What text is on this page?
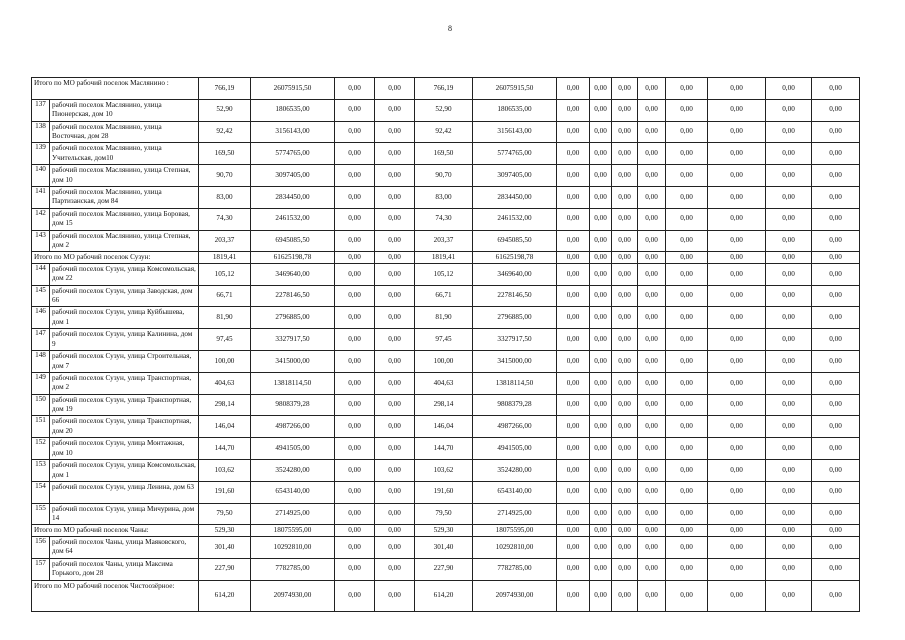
8
Итого по МО рабочий поселок Маслянино :		766,19	26075915,50	0,00	0,00	766,19	26075915,50	0,00	0,00	0,00	0,00	0,00	0,00	0,00	0,00
137	рабочий поселок Маслянино, улица Пионерская, дом 10	52,90	1806535,00	0,00	0,00	52,90	1806535,00	0,00	0,00	0,00	0,00	0,00	0,00	0,00	0,00
138	рабочий поселок Маслянино, улица Восточная, дом 28	92,42	3156143,00	0,00	0,00	92,42	3156143,00	0,00	0,00	0,00	0,00	0,00	0,00	0,00	0,00
139	рабочий поселок Маслянино, улица Учительская, дом10	169,50	5774765,00	0,00	0,00	169,50	5774765,00	0,00	0,00	0,00	0,00	0,00	0,00	0,00	0,00
140	рабочий поселок Маслянино, улица Степная, дом 10	90,70	3097405,00	0,00	0,00	90,70	3097405,00	0,00	0,00	0,00	0,00	0,00	0,00	0,00	0,00
141	рабочий поселок Маслянино, улица Партизанская, дом 84	83,00	2834450,00	0,00	0,00	83,00	2834450,00	0,00	0,00	0,00	0,00	0,00	0,00	0,00	0,00
142	рабочий поселок Маслянино, улица Боровая, дом 15	74,30	2461532,00	0,00	0,00	74,30	2461532,00	0,00	0,00	0,00	0,00	0,00	0,00	0,00	0,00
143	рабочий поселок Маслянино, улица Степная, дом 2	203,37	6945085,50	0,00	0,00	203,37	6945085,50	0,00	0,00	0,00	0,00	0,00	0,00	0,00	0,00
Итого по МО рабочий поселок Сузун:		1819,41	61625198,78	0,00	0,00	1819,41	61625198,78	0,00	0,00	0,00	0,00	0,00	0,00	0,00	0,00
144	рабочий поселок Сузун, улица Комсомольская, дом 22	105,12	3469640,00	0,00	0,00	105,12	3469640,00	0,00	0,00	0,00	0,00	0,00	0,00	0,00	0,00
145	рабочий поселок Сузун, улица Заводская, дом 66	66,71	2278146,50	0,00	0,00	66,71	2278146,50	0,00	0,00	0,00	0,00	0,00	0,00	0,00	0,00
146	рабочий поселок Сузун, улица Куйбышева, дом 1	81,90	2796885,00	0,00	0,00	81,90	2796885,00	0,00	0,00	0,00	0,00	0,00	0,00	0,00	0,00
147	рабочий поселок Сузун, улица Калинина, дом 9	97,45	3327917,50	0,00	0,00	97,45	3327917,50	0,00	0,00	0,00	0,00	0,00	0,00	0,00	0,00
148	рабочий поселок Сузун, улица Строительная, дом 7	100,00	3415000,00	0,00	0,00	100,00	3415000,00	0,00	0,00	0,00	0,00	0,00	0,00	0,00	0,00
149	рабочий поселок Сузун, улица Транспортная, дом 2	404,63	13818114,50	0,00	0,00	404,63	13818114,50	0,00	0,00	0,00	0,00	0,00	0,00	0,00	0,00
150	рабочий поселок Сузун, улица Транспортная, дом 19	298,14	9808379,28	0,00	0,00	298,14	9808379,28	0,00	0,00	0,00	0,00	0,00	0,00	0,00	0,00
151	рабочий поселок Сузун, улица Транспортная, дом 20	146,04	4987266,00	0,00	0,00	146,04	4987266,00	0,00	0,00	0,00	0,00	0,00	0,00	0,00	0,00
152	рабочий поселок Сузун, улица Монтажная, дом 10	144,70	4941505,00	0,00	0,00	144,70	4941505,00	0,00	0,00	0,00	0,00	0,00	0,00	0,00	0,00
153	рабочий поселок Сузун, улица Комсомольская, дом 1	103,62	3524280,00	0,00	0,00	103,62	3524280,00	0,00	0,00	0,00	0,00	0,00	0,00	0,00	0,00
154	рабочий поселок Сузун, улица Ленина, дом 63	191,60	6543140,00	0,00	0,00	191,60	6543140,00	0,00	0,00	0,00	0,00	0,00	0,00	0,00	0,00
155	рабочий поселок Сузун, улица Мичурина, дом 14	79,50	2714925,00	0,00	0,00	79,50	2714925,00	0,00	0,00	0,00	0,00	0,00	0,00	0,00	0,00
Итого по МО рабочий поселок Чаны:		529,30	18075595,00	0,00	0,00	529,30	18075595,00	0,00	0,00	0,00	0,00	0,00	0,00	0,00	0,00
156	рабочий поселок Чаны, улица Маяковского, дом 64	301,40	10292810,00	0,00	0,00	301,40	10292810,00	0,00	0,00	0,00	0,00	0,00	0,00	0,00	0,00
157	рабочий поселок Чаны, улица Максима Горького, дом 28	227,90	7782785,00	0,00	0,00	227,90	7782785,00	0,00	0,00	0,00	0,00	0,00	0,00	0,00	0,00
Итого по МО рабочий поселок Чистоозёрное:		614,20	20974930,00	0,00	0,00	614,20	20974930,00	0,00	0,00	0,00	0,00	0,00	0,00	0,00	0,00
